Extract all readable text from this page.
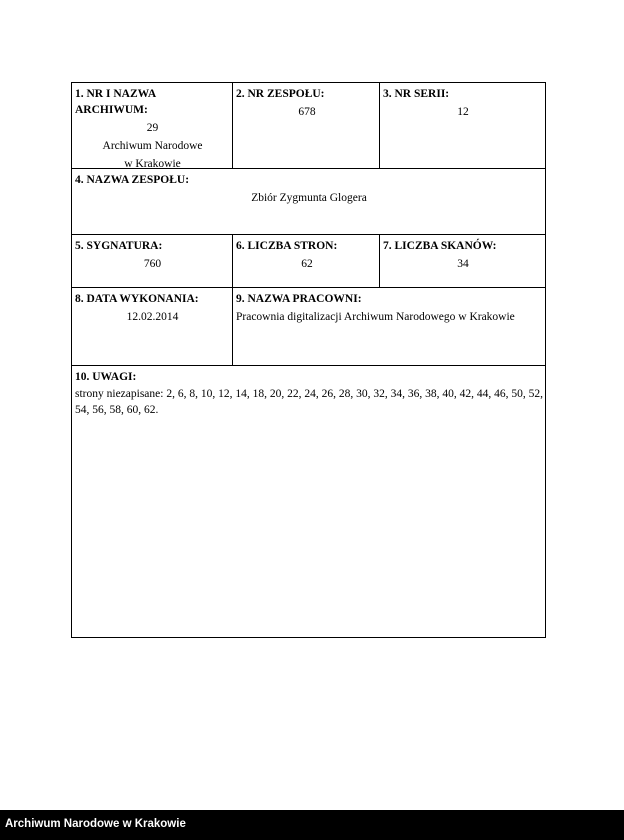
1. NR I NAZWA ARCHIWUM:
29
Archiwum Narodowe
w Krakowie
2. NR ZESPOŁU:
678
3. NR SERII:
12
4. NAZWA ZESPOŁU:
Zbiór Zygmunta Glogera
5. SYGNATURA:
760
6. LICZBA STRON:
62
7. LICZBA SKANÓW:
34
8. DATA WYKONANIA:
12.02.2014
9. NAZWA PRACOWNI:
Pracownia digitalizacji Archiwum Narodowego w Krakowie
10. UWAGI:
strony niezapisane: 2, 6, 8, 10, 12, 14, 18, 20, 22, 24, 26, 28, 30, 32, 34, 36, 38, 40, 42, 44, 46, 50, 52, 54, 56, 58, 60, 62.
Archiwum Narodowe w Krakowie
